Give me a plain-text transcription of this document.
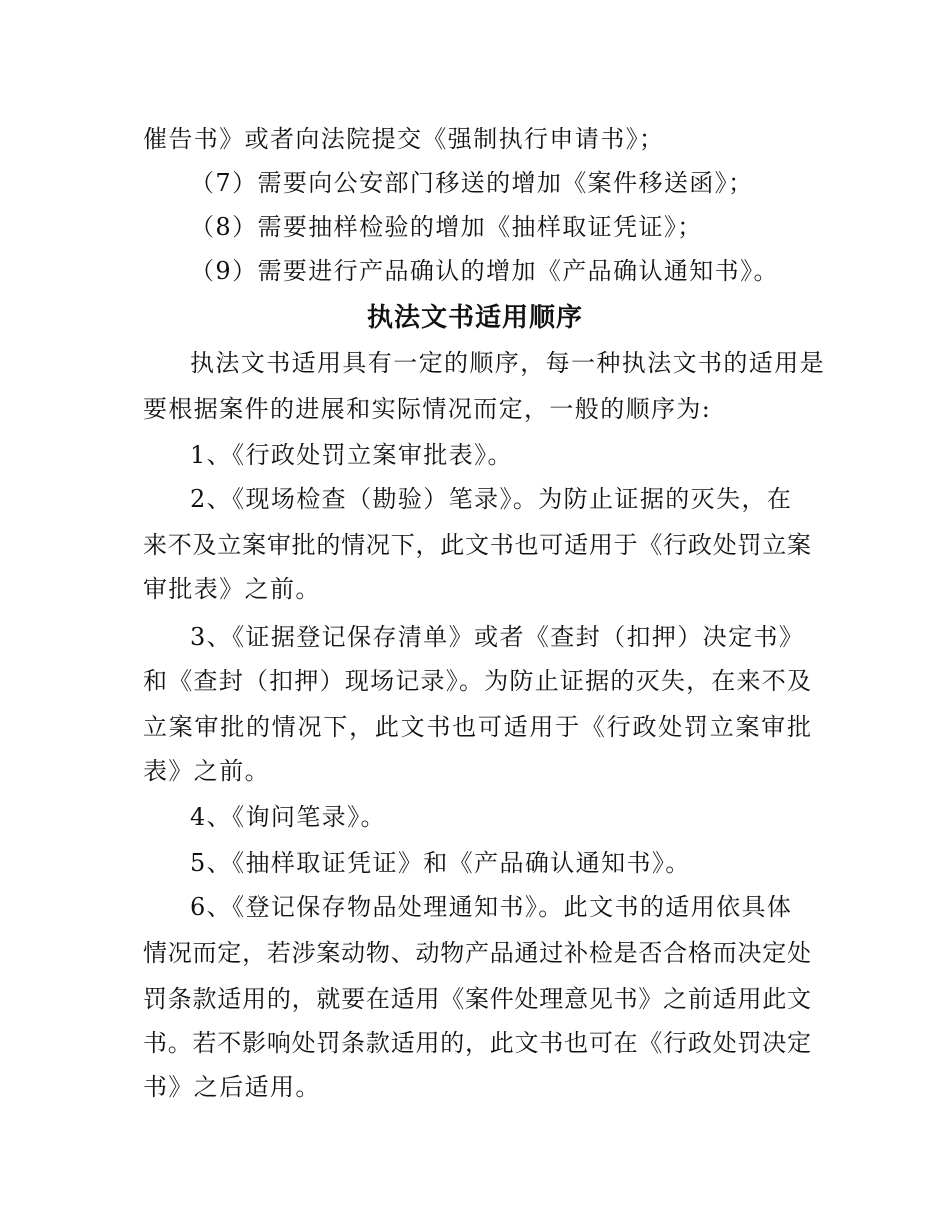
催告书》或者向法院提交《强制执行申请书》；
（7）需要向公安部门移送的增加《案件移送函》；
（8）需要抽样检验的增加《抽样取证凭证》；
（9）需要进行产品确认的增加《产品确认通知书》。
执法文书适用顺序
执法文书适用具有一定的顺序，每一种执法文书的适用是
要根据案件的进展和实际情况而定，一般的顺序为:
1、《行政处罚立案审批表》。
2、《现场检查（勘验）笔录》。为防止证据的灭失，在
来不及立案审批的情况下，此文书也可适用于《行政处罚立案
审批表》之前。
3、《证据登记保存清单》或者《查封（扣押）决定书》
和《查封（扣押）现场记录》。为防止证据的灭失，在来不及
立案审批的情况下，此文书也可适用于《行政处罚立案审批
表》之前。
4、《询问笔录》。
5、《抽样取证凭证》和《产品确认通知书》。
6、《登记保存物品处理通知书》。此文书的适用依具体
情况而定，若涉案动物、动物产品通过补检是否合格而决定处
罚条款适用的，就要在适用《案件处理意见书》之前适用此文
书。若不影响处罚条款适用的，此文书也可在《行政处罚决定
书》之后适用。
